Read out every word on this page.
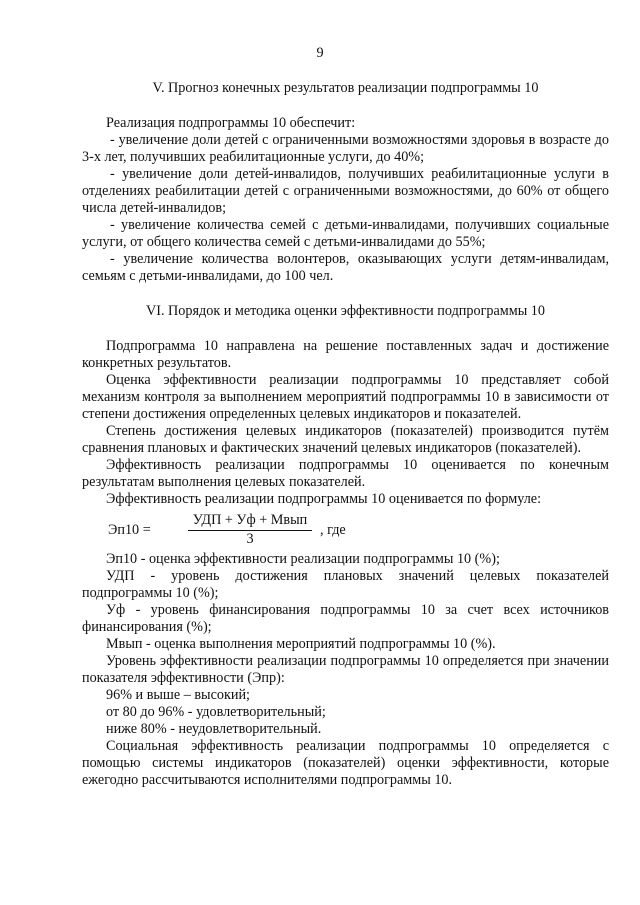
9
V. Прогноз конечных результатов реализации подпрограммы 10

Реализация подпрограммы 10 обеспечит:

- увеличение доли детей с ограниченными возможностями здоровья в возрасте до 3-х лет, получивших реабилитационные услуги, до 40%;

- увеличение доли детей-инвалидов, получивших реабилитационные услуги в отделениях реабилитации детей с ограниченными возможностями, до 60% от общего числа детей-инвалидов;

- увеличение количества семей с детьми-инвалидами, получивших социальные услуги, от общего количества семей с детьми-инвалидами до 55%;

- увеличение количества волонтеров, оказывающих услуги детям-инвалидам, семьям с детьми-инвалидами, до 100 чел.

VI. Порядок и методика оценки эффективности подпрограммы 10

Подпрограмма 10 направлена на решение поставленных задач и достижение конкретных результатов.

Оценка эффективности реализации подпрограммы 10 представляет собой механизм контроля за выполнением мероприятий подпрограммы 10 в зависимости от степени достижения определенных целевых индикаторов и показателей.

Степень достижения целевых индикаторов (показателей) производится путём сравнения плановых и фактических значений целевых индикаторов (показателей).

Эффективность реализации подпрограммы 10 оценивается по конечным результатам выполнения целевых показателей.

Эффективность реализации подпрограммы 10 оценивается по формуле:

Эп10 =
УДП + Уф + Мвып
3
, где

Эп10 - оценка эффективности реализации подпрограммы 10 (%);

УДП - уровень достижения плановых значений целевых показателей подпрограммы 10 (%);

Уф - уровень финансирования подпрограммы 10 за счет всех источников финансирования (%);

Мвып - оценка выполнения мероприятий подпрограммы 10 (%).

Уровень эффективности реализации подпрограммы 10 определяется при значении показателя эффективности (Эпр):

96% и выше – высокий;

от 80 до 96% - удовлетворительный;

ниже 80% - неудовлетворительный.

Социальная эффективность реализации подпрограммы 10 определяется с помощью системы индикаторов (показателей) оценки эффективности, которые ежегодно рассчитываются исполнителями подпрограммы 10.
